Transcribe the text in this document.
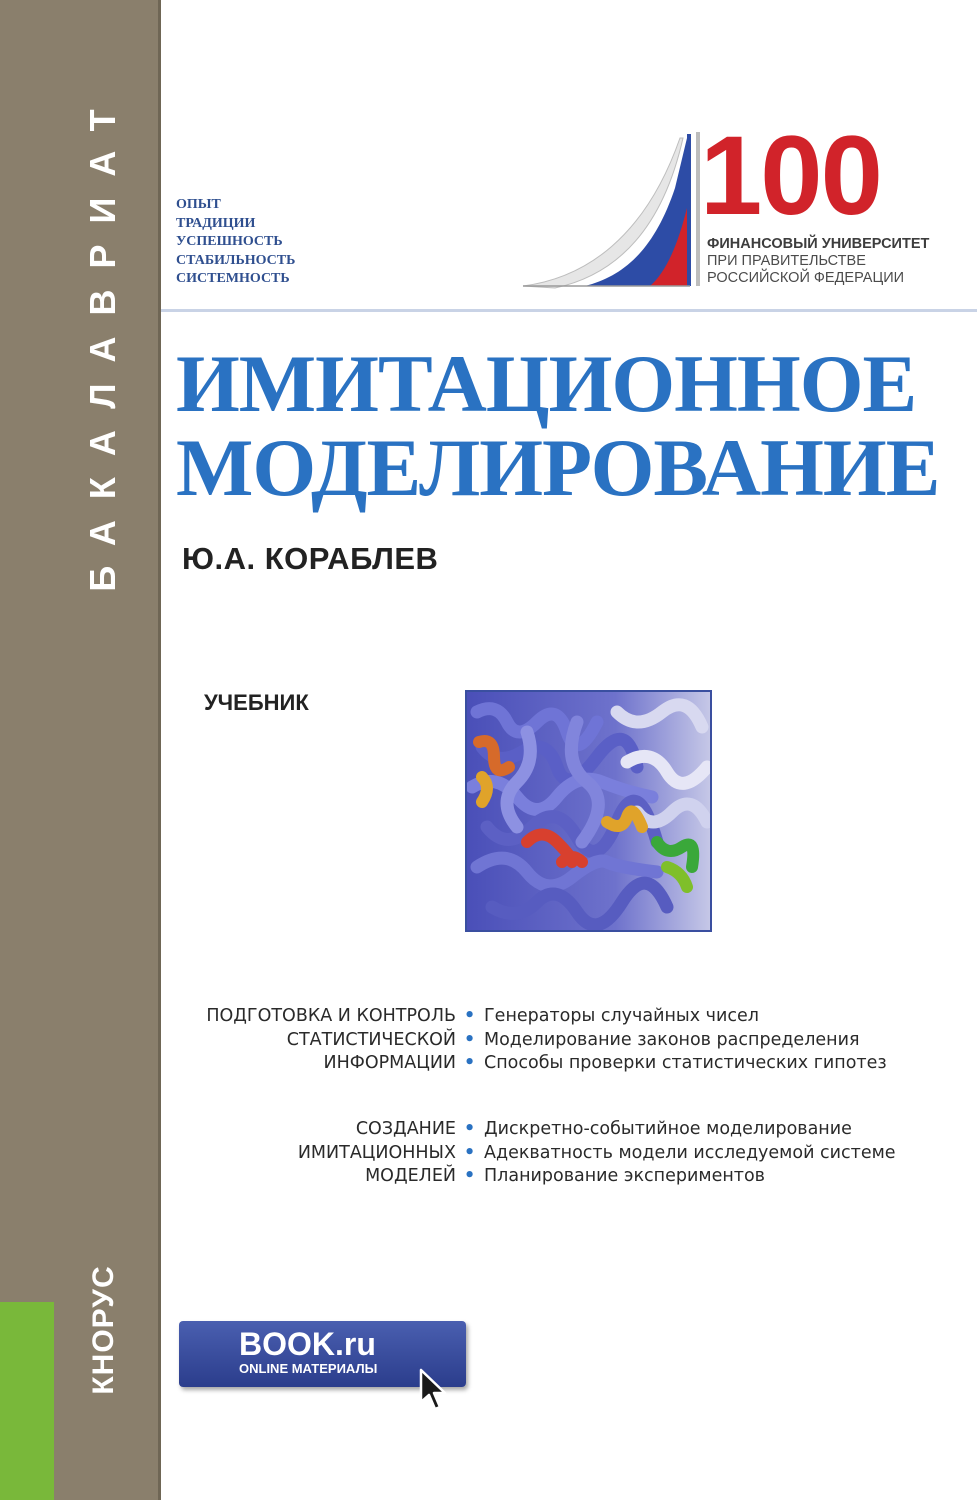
БАКАЛАВРИАТ
КНОРУС
ОПЫТ
ТРАДИЦИИ
УСПЕШНОСТЬ
СТАБИЛЬНОСТЬ
СИСТЕМНОСТЬ
100
ФИНАНСОВЫЙ УНИВЕРСИТЕТ
ПРИ ПРАВИТЕЛЬСТВЕ
РОССИЙСКОЙ ФЕДЕРАЦИИ
ИМИТАЦИОННОЕ
МОДЕЛИРОВАНИЕ
Ю.А. КОРАБЛЕВ
УЧЕБНИК
ПОДГОТОВКА И КОНТРОЛЬ
СТАТИСТИЧЕСКОЙ
ИНФОРМАЦИИ
• Генераторы случайных чисел
• Моделирование законов распределения
• Способы проверки статистических гипотез
СОЗДАНИЕ
ИМИТАЦИОННЫХ
МОДЕЛЕЙ
• Дискретно-событийное моделирование
• Адекватность модели исследуемой системе
• Планирование экспериментов
BOOK.ru
ONLINE МАТЕРИАЛЫ
